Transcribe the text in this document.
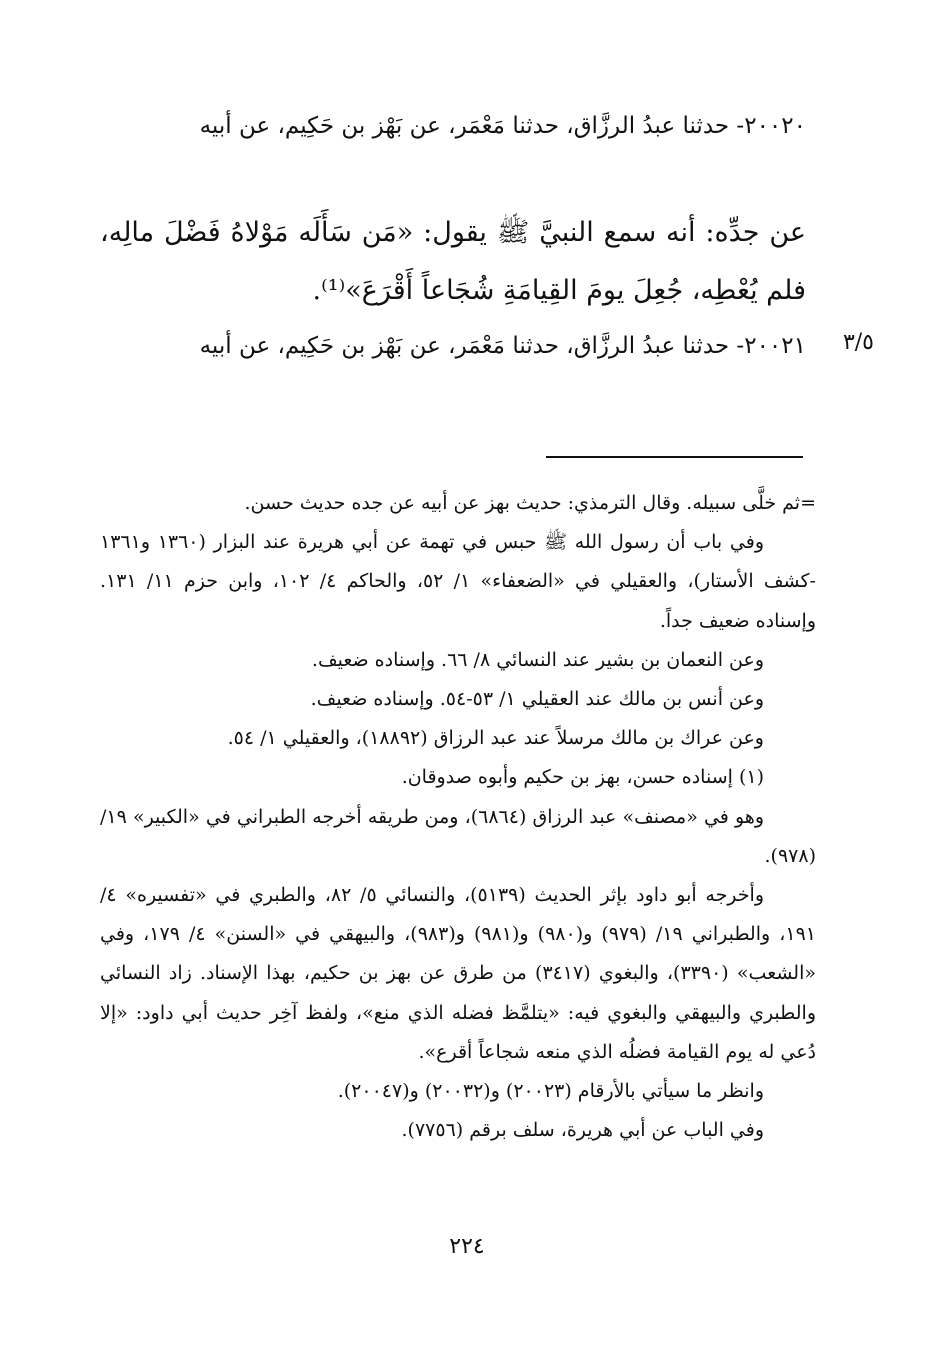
٢٠٠٢٠- حدثنا عبدُ الرزَّاق، حدثنا مَعْمَر، عن بَهْز بن حَكِيم، عن أبيه
عن جدِّه: أنه سمع النبيَّ ﷺ يقول: «مَن سَأَلَه مَوْلاهُ فَضْلَ مالِه، فلم يُعْطِه، جُعِلَ يومَ القِيامَةِ شُجَاعاً أَقْرَعَ»⁽¹⁾.
٣/٥
٢٠٠٢١- حدثنا عبدُ الرزَّاق، حدثنا مَعْمَر، عن بَهْز بن حَكِيم، عن أبيه

=ثم خلَّى سبيله. وقال الترمذي: حديث بهز عن أبيه عن جده حديث حسن.

وفي باب أن رسول الله ﷺ حبس في تهمة عن أبي هريرة عند البزار (١٣٦٠ و١٣٦١ -كشف الأستار)، والعقيلي في «الضعفاء» ١/ ٥٢، والحاكم ٤/ ١٠٢، وابن حزم ١١/ ١٣١. وإسناده ضعيف جداً.

وعن النعمان بن بشير عند النسائي ٨/ ٦٦. وإسناده ضعيف.

وعن أنس بن مالك عند العقيلي ١/ ٥٣-٥٤. وإسناده ضعيف.

وعن عراك بن مالك مرسلاً عند عبد الرزاق (١٨٨٩٢)، والعقيلي ١/ ٥٤.

(١) إسناده حسن، بهز بن حكيم وأبوه صدوقان.

وهو في «مصنف» عبد الرزاق (٦٨٦٤)، ومن طريقه أخرجه الطبراني في «الكبير» ١٩/ (٩٧٨).

وأخرجه أبو داود بإثر الحديث (٥١٣٩)، والنسائي ٥/ ٨٢، والطبري في «تفسيره» ٤/ ١٩١، والطبراني ١٩/ (٩٧٩) و(٩٨٠) و(٩٨١) و(٩٨٣)، والبيهقي في «السنن» ٤/ ١٧٩، وفي «الشعب» (٣٣٩٠)، والبغوي (٣٤١٧) من طرق عن بهز بن حكيم، بهذا الإسناد. زاد النسائي والطبري والبيهقي والبغوي فيه: «يتلمَّظ فضله الذي منع»، ولفظ آخِر حديث أبي داود: «إلا دُعي له يوم القيامة فضلُه الذي منعه شجاعاً أقرع».

وانظر ما سيأتي بالأرقام (٢٠٠٢٣) و(٢٠٠٣٢) و(٢٠٠٤٧).

وفي الباب عن أبي هريرة، سلف برقم (٧٧٥٦).

٢٢٤
